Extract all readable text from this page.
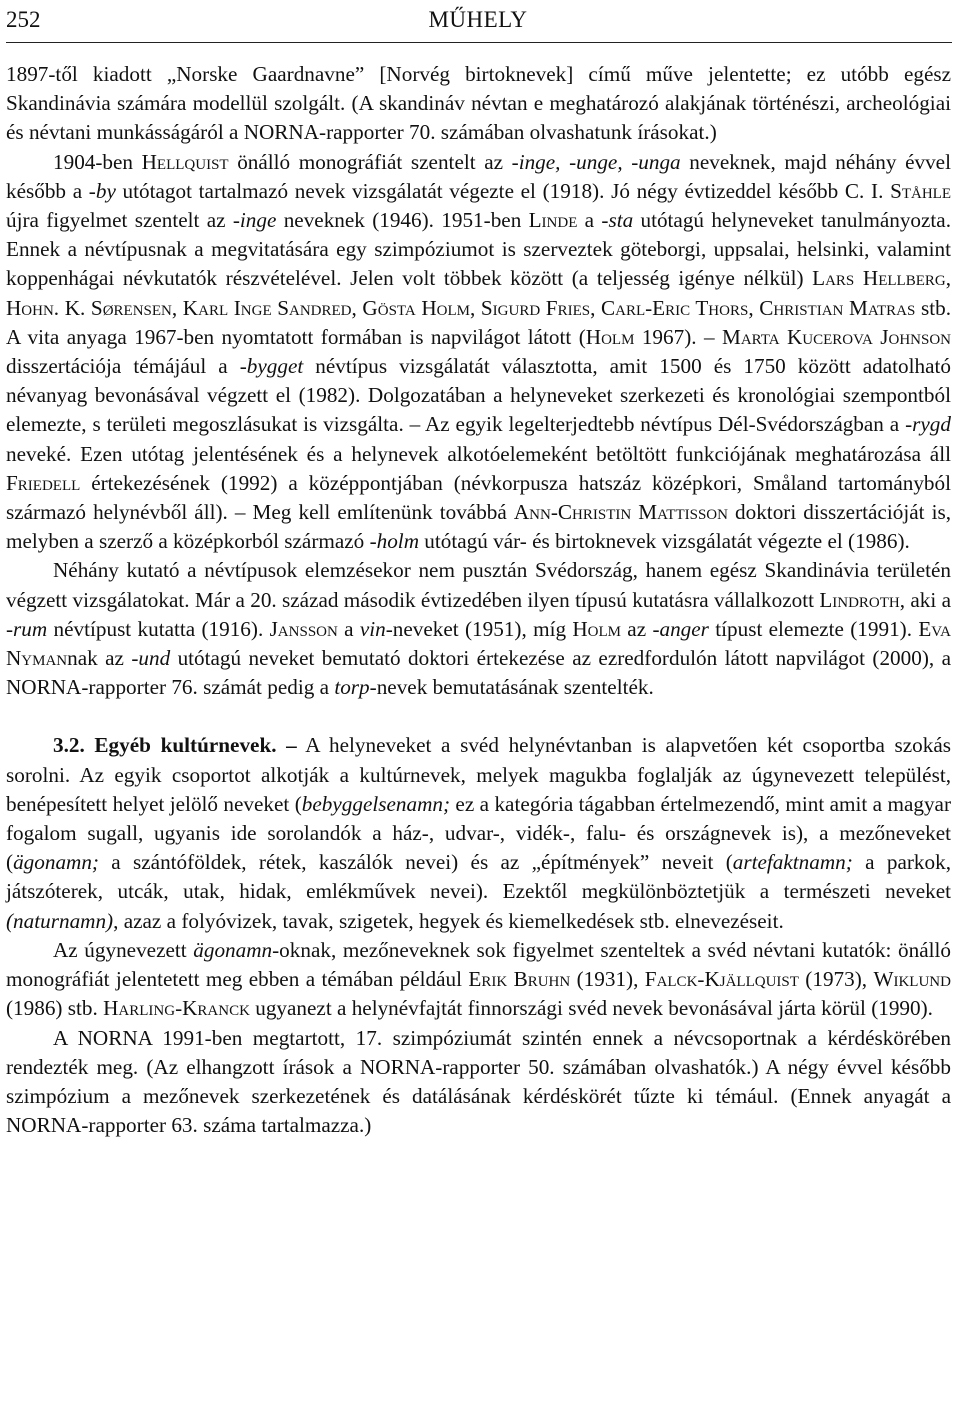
252	MŰHELY

1897-től kiadott „Norske Gaardnavne” [Norvég birtoknevek] című műve jelentette; ez utóbb egész Skandinávia számára modellül szolgált. (A skandináv névtan e meghatározó alakjának történészi, archeológiai és névtani munkásságáról a NORNA-rapporter 70. számában olvashatunk írásokat.)

1904-ben Hellquist önálló monográfiát szentelt az -inge, -unge, -unga neveknek, majd néhány évvel később a -by utótagot tartalmazó nevek vizsgálatát végezte el (1918). Jó négy évtizeddel később C. I. Ståhle újra figyelmet szentelt az -inge neveknek (1946). 1951-ben Linde a -sta utótagú helyneveket tanulmányozta. Ennek a névtípusnak a megvitatására egy szimpóziumot is szerveztek göteborgi, uppsalai, helsinki, valamint koppenhágai névkutatók részvételével. Jelen volt többek között (a teljesség igénye nélkül) Lars Hellberg, Hohn. K. Sørensen, Karl Inge Sandred, Gösta Holm, Sigurd Fries, Carl-Eric Thors, Christian Matras stb. A vita anyaga 1967-ben nyomtatott formában is napvilágot látott (Holm 1967). – Marta Kucerova Johnson disszertációja témájául a -bygget névtípus vizsgálatát választotta, amit 1500 és 1750 között adatolható névanyag bevonásával végzett el (1982). Dolgozatában a helyneveket szerkezeti és kronológiai szempontból elemezte, s területi megoszlásukat is vizsgálta. – Az egyik legelterjedtebb névtípus Dél-Svédországban a -rygd neveké. Ezen utótag jelentésének és a helynevek alkotóelemeként betöltött funkciójának meghatározása áll Friedell értekezésének (1992) a középpontjában (névkorpusza hatszáz középkori, Småland tartományból származó helynévből áll). – Meg kell említenünk továbbá Ann-Christin Mattisson doktori disszertációját is, melyben a szerző a középkorból származó -holm utótagú vár- és birtoknevek vizsgálatát végezte el (1986).

Néhány kutató a névtípusok elemzésekor nem pusztán Svédország, hanem egész Skandinávia területén végzett vizsgálatokat. Már a 20. század második évtizedében ilyen típusú kutatásra vállalkozott Lindroth, aki a -rum névtípust kutatta (1916). Jansson a vin-neveket (1951), míg Holm az -anger típust elemezte (1991). Eva Nymannak az -und utótagú neveket bemutató doktori értekezése az ezredfordulón látott napvilágot (2000), a NORNA-rapporter 76. számát pedig a torp-nevek bemutatásának szentelték.

3.2. Egyéb kultúrnevek. – A helyneveket a svéd helynévtanban is alapvetően két csoportba szokás sorolni. Az egyik csoportot alkotják a kultúrnevek, melyek magukba foglalják az úgynevezett települést, benépesített helyet jelölő neveket (bebyggelsenamn; ez a kategória tágabban értelmezendő, mint amit a magyar fogalom sugall, ugyanis ide sorolandók a ház-, udvar-, vidék-, falu- és országnevek is), a mezőneveket (ägonamn; a szántóföldek, rétek, kaszálók nevei) és az „építmények” neveit (artefaktnamn; a parkok, játszóterek, utcák, utak, hidak, emlékművek nevei). Ezektől megkülönböztetjük a természeti neveket (naturnamn), azaz a folyóvizek, tavak, szigetek, hegyek és kiemelkedések stb. elnevezéseit.

Az úgynevezett ägonamn-oknak, mezőneveknek sok figyelmet szenteltek a svéd névtani kutatók: önálló monográfiát jelentetett meg ebben a témában például Erik Bruhn (1931), Falck-Kjällquist (1973), Wiklund (1986) stb. Harling-Kranck ugyanezt a helynévfajtát finnországi svéd nevek bevonásával járta körül (1990).

A NORNA 1991-ben megtartott, 17. szimpóziumát szintén ennek a névcsoportnak a kérdéskörében rendezték meg. (Az elhangzott írások a NORNA-rapporter 50. számában olvashatók.) A négy évvel később szimpózium a mezőnevek szerkezetének és datálásának kérdéskörét tűzte ki témául. (Ennek anyagát a NORNA-rapporter 63. száma tartalmazza.)
